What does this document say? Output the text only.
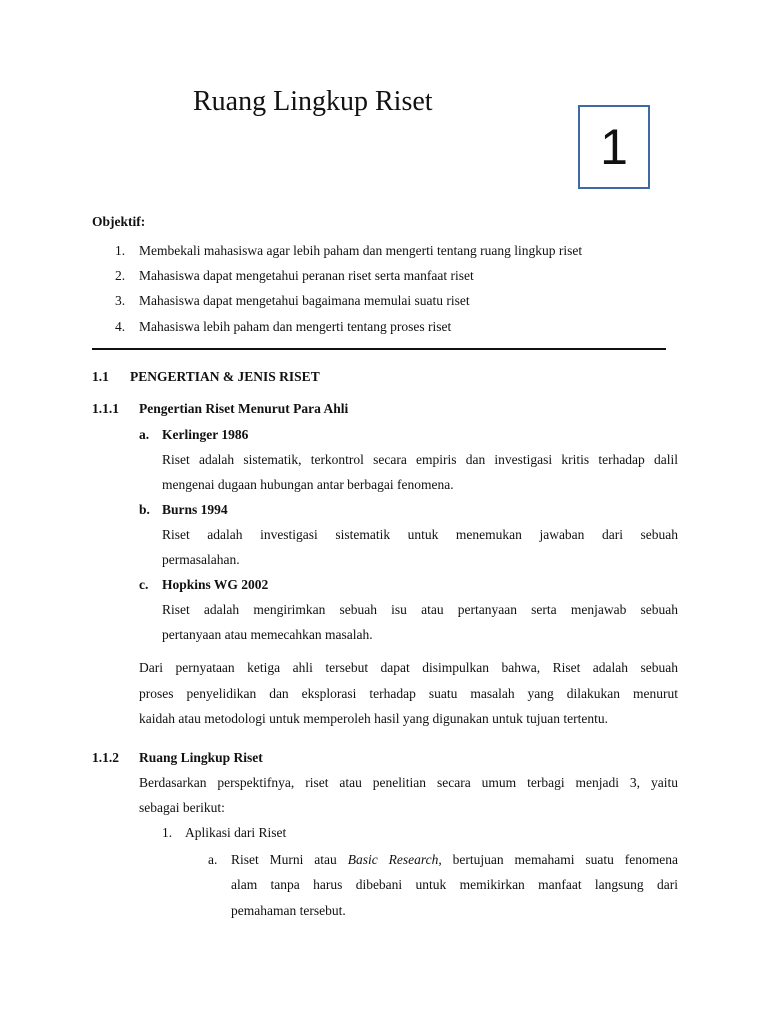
Ruang Lingkup Riset
1
Objektif:
1. Membekali mahasiswa agar lebih paham dan mengerti tentang ruang lingkup riset
2. Mahasiswa dapat mengetahui peranan riset serta manfaat riset
3. Mahasiswa dapat mengetahui bagaimana memulai suatu riset
4. Mahasiswa lebih paham dan mengerti tentang proses riset
1.1 PENGERTIAN & JENIS RISET
1.1.1 Pengertian Riset Menurut Para Ahli
a. Kerlinger 1986
Riset adalah sistematik, terkontrol secara empiris dan investigasi kritis terhadap dalil
mengenai dugaan hubungan antar berbagai fenomena.
b. Burns 1994
Riset adalah investigasi sistematik untuk menemukan jawaban dari sebuah
permasalahan.
c. Hopkins WG 2002
Riset adalah mengirimkan sebuah isu atau pertanyaan serta menjawab sebuah
pertanyaan atau memecahkan masalah.
Dari pernyataan ketiga ahli tersebut dapat disimpulkan bahwa, Riset adalah sebuah
proses penyelidikan dan eksplorasi terhadap suatu masalah yang dilakukan menurut
kaidah atau metodologi untuk memperoleh hasil yang digunakan untuk tujuan tertentu.
1.1.2 Ruang Lingkup Riset
Berdasarkan perspektifnya, riset atau penelitian secara umum terbagi menjadi 3, yaitu
sebagai berikut:
1. Aplikasi dari Riset
a. Riset Murni atau Basic Research, bertujuan memahami suatu fenomena
alam tanpa harus dibebani untuk memikirkan manfaat langsung dari
pemahaman tersebut.
